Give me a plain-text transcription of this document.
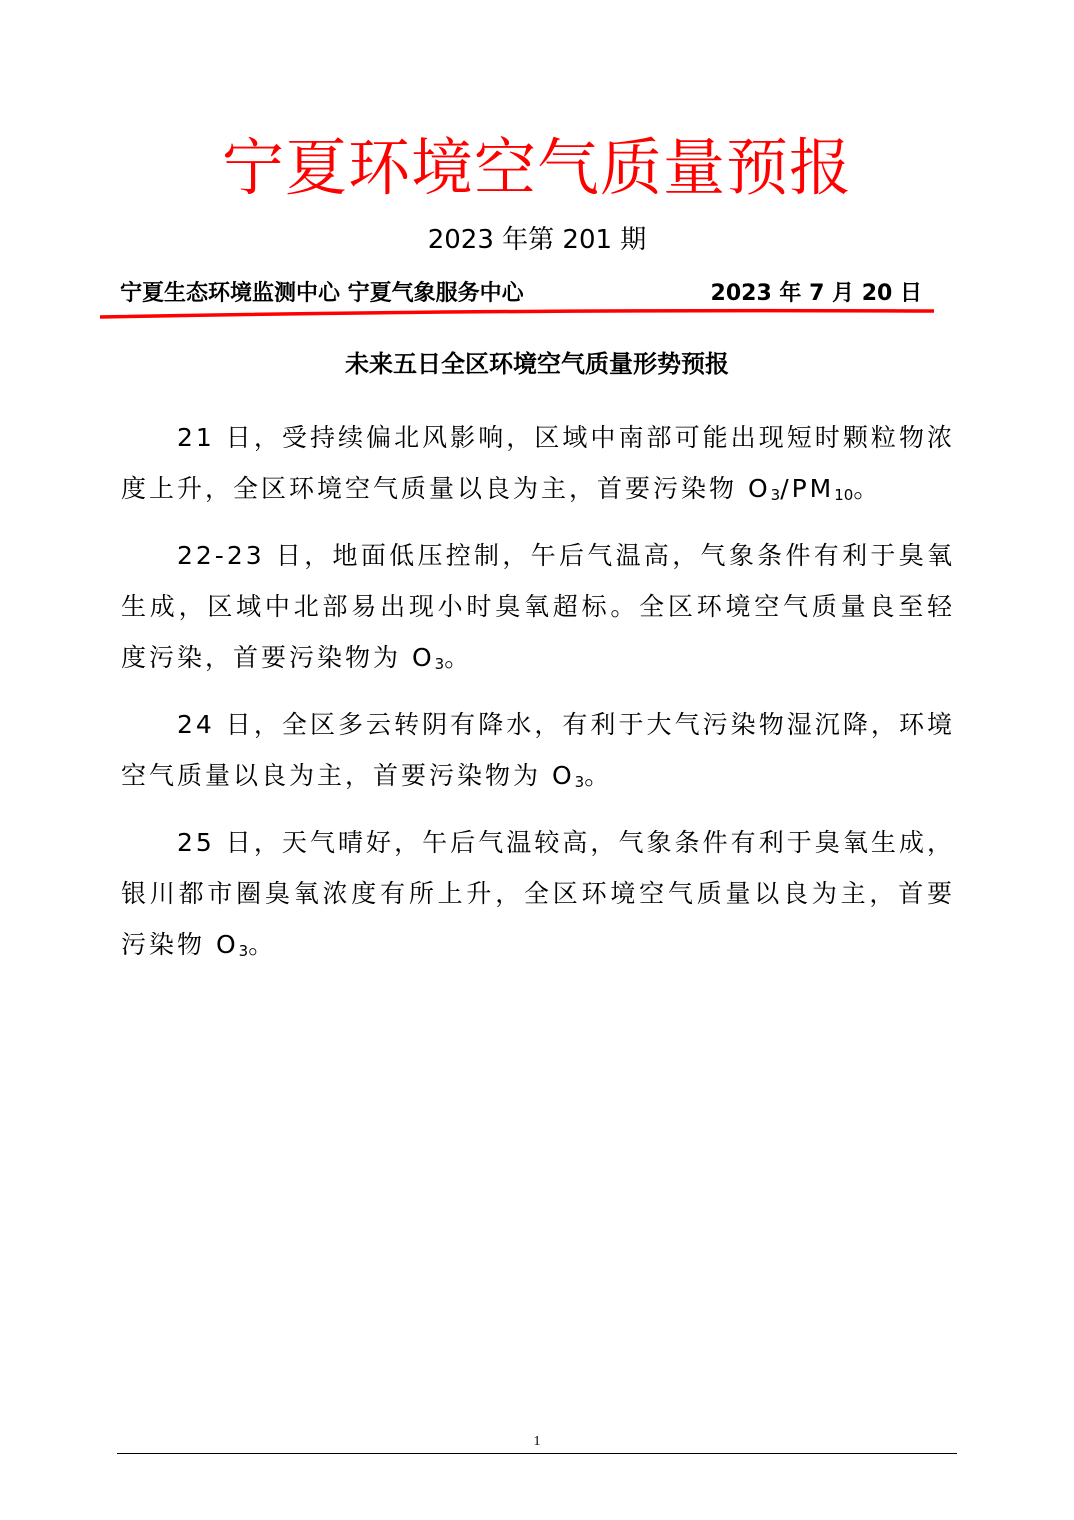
宁夏环境空气质量预报
2023 年第 201 期
宁夏生态环境监测中心 宁夏气象服务中心	2023 年 7 月 20 日
未来五日全区环境空气质量形势预报

21 日，受持续偏北风影响，区域中南部可能出现短时颗粒物浓度上升，全区环境空气质量以良为主，首要污染物 $O_3/PM_{10}$。

22-23 日，地面低压控制，午后气温高，气象条件有利于臭氧生成，区域中北部易出现小时臭氧超标。全区环境空气质量良至轻度污染，首要污染物为 $O_3$。

24 日，全区多云转阴有降水，有利于大气污染物湿沉降，环境空气质量以良为主，首要污染物为 $O_3$。

25 日，天气晴好，午后气温较高，气象条件有利于臭氧生成，银川都市圈臭氧浓度有所上升，全区环境空气质量以良为主，首要污染物 $O_3$。

1
